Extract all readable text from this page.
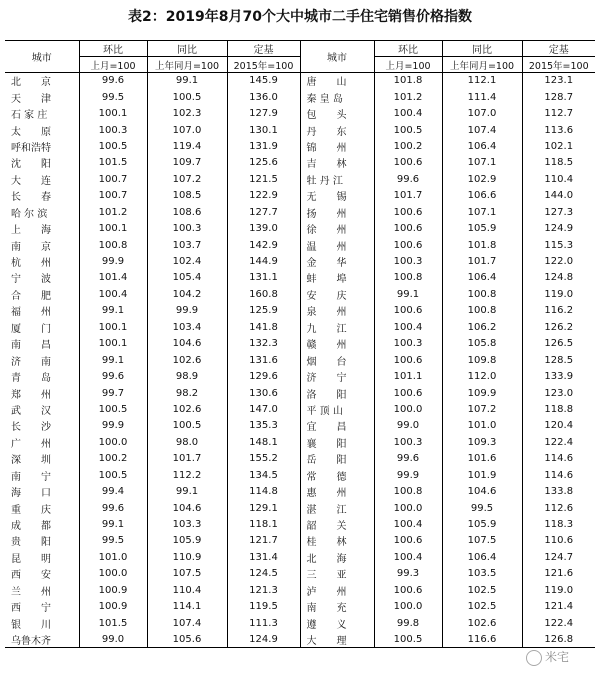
表2：2019年8月70个大中城市二手住宅销售价格指数
城市	环比	同比	定基	城市	环比	同比	定基
	上月=100	上年同月=100	2015年=100		上月=100	上年同月=100	2015年=100
北　　京	99.6	99.1	145.9	唐　　山	101.8	112.1	123.1
天　　津	99.5	100.5	136.0	秦 皇 岛	101.2	111.4	128.7
石 家 庄	100.1	102.3	127.9	包　　头	100.4	107.0	112.7
太　　原	100.3	107.0	130.1	丹　　东	100.5	107.4	113.6
呼和浩特	100.5	119.4	131.9	锦　　州	100.2	106.4	102.1
沈　　阳	101.5	109.7	125.6	吉　　林	100.6	107.1	118.5
大　　连	100.7	107.2	121.5	牡 丹 江	99.6	102.9	110.4
长　　春	100.7	108.5	122.9	无　　锡	101.7	106.6	144.0
哈 尔 滨	101.2	108.6	127.7	扬　　州	100.6	107.1	127.3
上　　海	100.1	100.3	139.0	徐　　州	100.6	105.9	124.9
南　　京	100.8	103.7	142.9	温　　州	100.6	101.8	115.3
杭　　州	99.9	102.4	144.9	金　　华	100.3	101.7	122.0
宁　　波	101.4	105.4	131.1	蚌　　埠	100.8	106.4	124.8
合　　肥	100.4	104.2	160.8	安　　庆	99.1	100.8	119.0
福　　州	99.1	99.9	125.9	泉　　州	100.6	100.8	116.2
厦　　门	100.1	103.4	141.8	九　　江	100.4	106.2	126.2
南　　昌	100.1	104.6	132.3	赣　　州	100.3	105.8	126.5
济　　南	99.1	102.6	131.6	烟　　台	100.6	109.8	128.5
青　　岛	99.6	98.9	129.6	济　　宁	101.1	112.0	133.9
郑　　州	99.7	98.2	130.6	洛　　阳	100.6	109.9	123.0
武　　汉	100.5	102.6	147.0	平 顶 山	100.0	107.2	118.8
长　　沙	99.9	100.5	135.3	宜　　昌	99.0	101.0	120.4
广　　州	100.0	98.0	148.1	襄　　阳	100.3	109.3	122.4
深　　圳	100.2	101.7	155.2	岳　　阳	99.6	101.6	114.6
南　　宁	100.5	112.2	134.5	常　　德	99.9	101.9	114.6
海　　口	99.4	99.1	114.8	惠　　州	100.8	104.6	133.8
重　　庆	99.6	104.6	129.1	湛　　江	100.0	99.5	112.6
成　　都	99.1	103.3	118.1	韶　　关	100.4	105.9	118.3
贵　　阳	99.5	105.9	121.7	桂　　林	100.6	107.5	110.6
昆　　明	101.0	110.9	131.4	北　　海	100.4	106.4	124.7
西　　安	100.0	107.5	124.5	三　　亚	99.3	103.5	121.6
兰　　州	100.9	110.4	121.3	泸　　州	100.6	102.5	119.0
西　　宁	100.9	114.1	119.5	南　　充	100.0	102.5	121.4
银　　川	101.5	107.4	111.3	遵　　义	99.8	102.6	122.4
乌鲁木齐	99.0	105.6	124.9	大　　理	100.5	116.6	126.8
米宅
